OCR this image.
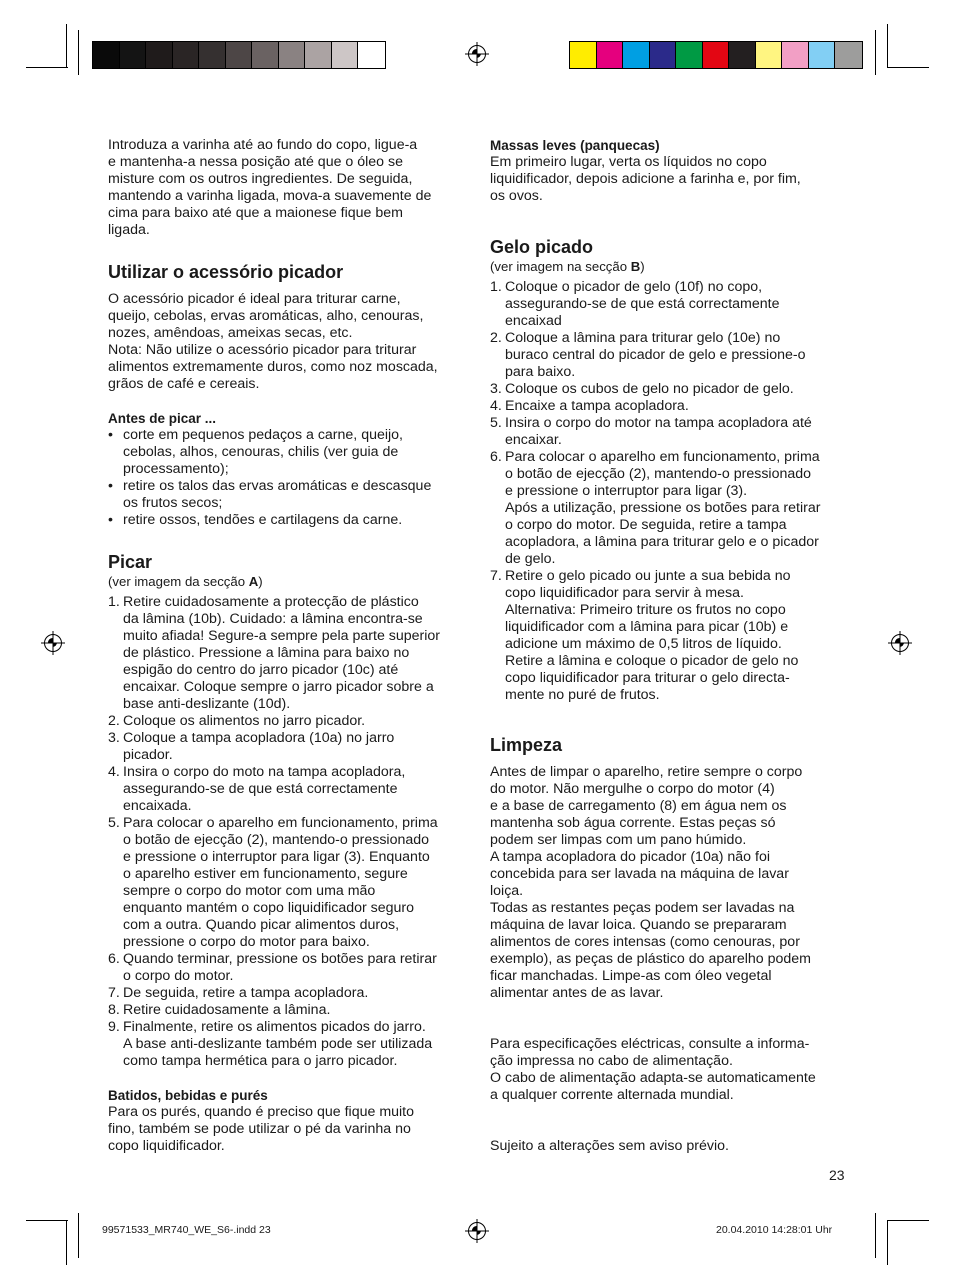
Introduza a varinha até ao fundo do copo, ligue-a
e mantenha-a nessa posição até que o óleo se
misture com os outros ingredientes. De seguida,
mantendo a varinha ligada, mova-a suavemente de
cima para baixo até que a maionese fique bem
ligada.

Utilizar o acessório picador

O acessório picador é ideal para triturar carne,
queijo, cebolas, ervas aromáticas, alho, cenouras,
nozes, amêndoas, ameixas secas, etc.
Nota: Não utilize o acessório picador para triturar
alimentos extremamente duros, como noz moscada,
grãos de café e cereais.

Antes de picar ...

• corte em pequenos pedaços a carne, queijo,
cebolas, alhos, cenouras, chilis (ver guia de
processamento);
• retire os talos das ervas aromáticas e descasque
os frutos secos;
• retire ossos, tendões e cartilagens da carne.
Picar

(ver imagem da secção A)

1. Retire cuidadosamente a protecção de plástico
da lâmina (10b). Cuidado: a lâmina encontra-se
muito afiada! Segure-a sempre pela parte superior
de plástico. Pressione a lâmina para baixo no
espigão do centro do jarro picador (10c) até
encaixar. Coloque sempre o jarro picador sobre a
base anti-deslizante (10d).
2. Coloque os alimentos no jarro picador.
3. Coloque a tampa acopladora (10a) no jarro
picador.
4. Insira o corpo do moto na tampa acopladora,
assegurando-se de que está correctamente
encaixada.
5. Para colocar o aparelho em funcionamento, prima
o botão de ejecção (2), mantendo-o pressionado
e pressione o interruptor para ligar (3). Enquanto
o aparelho estiver em funcionamento, segure
sempre o corpo do motor com uma mão
enquanto mantém o copo liquidificador seguro
com a outra. Quando picar alimentos duros,
pressione o corpo do motor para baixo.
6. Quando terminar, pressione os botões para retirar
o corpo do motor.
7. De seguida, retire a tampa acopladora.
8. Retire cuidadosamente a lâmina.
9. Finalmente, retire os alimentos picados do jarro.
A base anti-deslizante também pode ser utilizada
como tampa hermética para o jarro picador.

Batidos, bebidas e purés

Para os purés, quando é preciso que fique muito
fino, também se pode utilizar o pé da varinha no
copo liquidificador.

Massas leves (panquecas)

Em primeiro lugar, verta os líquidos no copo
liquidificador, depois adicione a farinha e, por fim,
os ovos.

Gelo picado

(ver imagem na secção B)

1. Coloque o picador de gelo (10f) no copo,
assegurando-se de que está correctamente
encaixad
2. Coloque a lâmina para triturar gelo (10e) no
buraco central do picador de gelo e pressione-o
para baixo.
3. Coloque os cubos de gelo no picador de gelo.
4. Encaixe a tampa acopladora.
5. Insira o corpo do motor na tampa acopladora até
encaixar.
6. Para colocar o aparelho em funcionamento, prima
o botão de ejecção (2), mantendo-o pressionado
e pressione o interruptor para ligar (3).
Após a utilização, pressione os botões para retirar
o corpo do motor. De seguida, retire a tampa
acopladora, a lâmina para triturar gelo e o picador
de gelo.
7. Retire o gelo picado ou junte a sua bebida no
copo liquidificador para servir à mesa.
Alternativa: Primeiro triture os frutos no copo
liquidificador com a lâmina para picar (10b) e
adicione um máximo de 0,5 litros de líquido.
Retire a lâmina e coloque o picador de gelo no
copo liquidificador para triturar o gelo directa-
mente no puré de frutos.
Limpeza

Antes de limpar o aparelho, retire sempre o corpo
do motor. Não mergulhe o corpo do motor (4)
e a base de carregamento (8) em água nem os
mantenha sob água corrente. Estas peças só
podem ser limpas com um pano húmido.
A tampa acopladora do picador (10a) não foi
concebida para ser lavada na máquina de lavar
loiça.
Todas as restantes peças podem ser lavadas na
máquina de lavar loica. Quando se prepararam
alimentos de cores intensas (como cenouras, por
exemplo), as peças de plástico do aparelho podem
ficar manchadas. Limpe-as com óleo vegetal
alimentar antes de as lavar.

Para especificações eléctricas, consulte a informa-
ção impressa no cabo de alimentação.
O cabo de alimentação adapta-se automaticamente
a qualquer corrente alternada mundial.

Sujeito a alterações sem aviso prévio.

23
99571533_MR740_WE_S6-.indd 23	20.04.2010 14:28:01 Uhr
